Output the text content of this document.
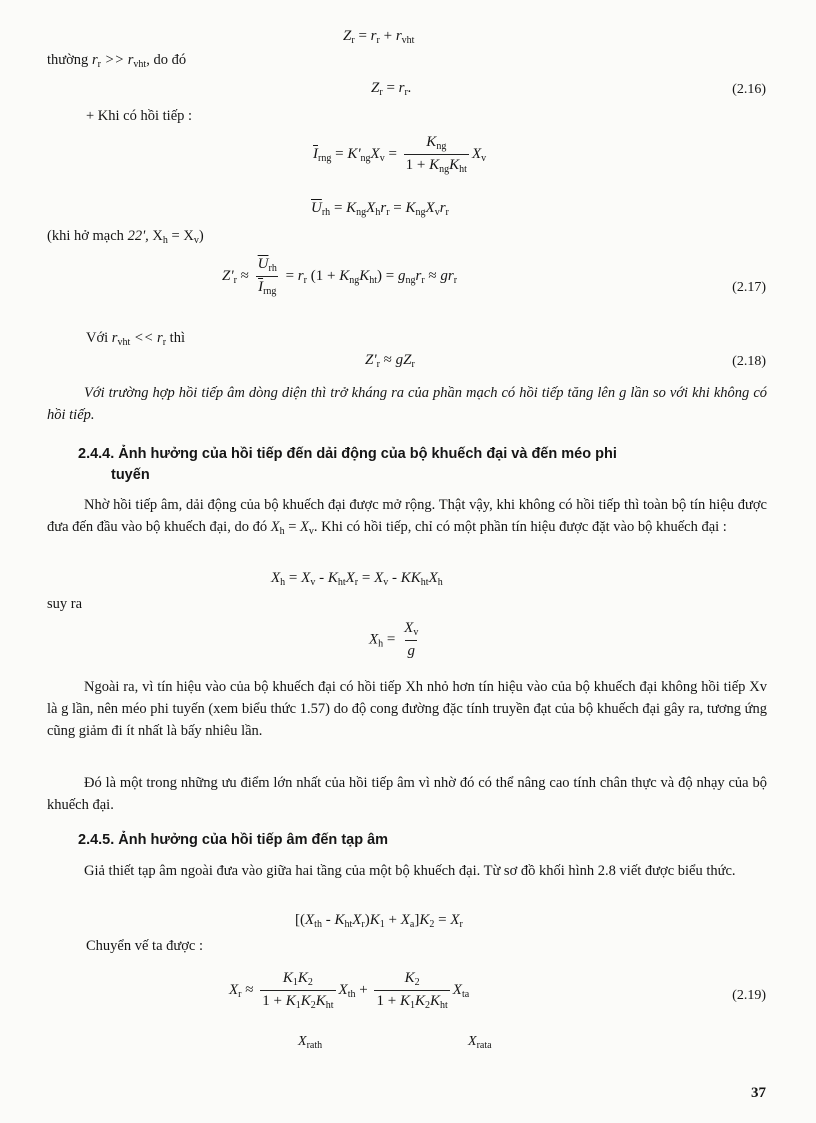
$Z_r = r_r + r_{vht}$
thường $r_r >> r_{vht}$, do đó
$Z_r = r_r$.	(2.16)
+ Khi có hồi tiếp :
$\overline{I}_{rng} = K'_{ng}X_v = \frac{K_{ng}}{1 + K_{ng}K_{ht}} X_v$
$\overline{U}_{rh} = K_{ng}X_hr_r = K_{ng}X_vr_r$
(khi hở mạch 22', $X_h = X_v$)
$Z'_r \approx \frac{\overline{U}_{rh}}{\overline{I}_{rng}} = r_r$ $(1 + K_{ng}K_{ht}) = g_{ng}r_r \approx gr_r$	(2.17)
Với $r_{vht} << r_r$ thì
$Z'_r \approx gZ_r$	(2.18)
Với trường hợp hồi tiếp âm dòng diện thì trở kháng ra của phần mạch có hồi tiếp tăng lên g lần so với khi không có hồi tiếp.
2.4.4. Ảnh hưởng của hồi tiếp đến dải động của bộ khuếch đại và đến méo phi
tuyến
Nhờ hồi tiếp âm, dải động của bộ khuếch đại được mở rộng. Thật vậy, khi không có hồi tiếp thì toàn bộ tín hiệu được đưa đến đầu vào bộ khuếch đại, do đó $X_h = X_v$. Khi có hồi tiếp, chỉ có một phần tín hiệu được đặt vào bộ khuếch đại :
$X_h = X_v - K_{ht}X_r = X_v - KK_{ht}X_h$
suy ra
$X_h = \frac{X_v}{g}$
Ngoài ra, vì tín hiệu vào của bộ khuếch đại có hồi tiếp Xh nhỏ hơn tín hiệu vào của bộ khuếch đại không hồi tiếp Xv là g lần, nên méo phi tuyến (xem biểu thức 1.57) do độ cong đường đặc tính truyền đạt của bộ khuếch đại gây ra, tương ứng cũng giảm đi ít nhất là bấy nhiêu lần.
Đó là một trong những ưu điểm lớn nhất của hồi tiếp âm vì nhờ đó có thể nâng cao tính chân thực và độ nhạy của bộ khuếch đại.
2.4.5. Ảnh hưởng của hồi tiếp âm đến tạp âm
Giả thiết tạp âm ngoài đưa vào giữa hai tầng của một bộ khuếch đại. Từ sơ đồ khối hình 2.8 viết được biểu thức.
$[(X_{th} - K_{ht}X_r)K_1 + X_a]K_2 = X_r$
Chuyển vế ta được :
$X_r \approx \frac{K_1K_2}{1 + K_1K_2K_{ht}} X_{th} + \frac{K_2}{1 + K_1K_2K_{ht}} X_{ta}$	(2.19)
$X_{rath}$	$X_{rata}$
37
